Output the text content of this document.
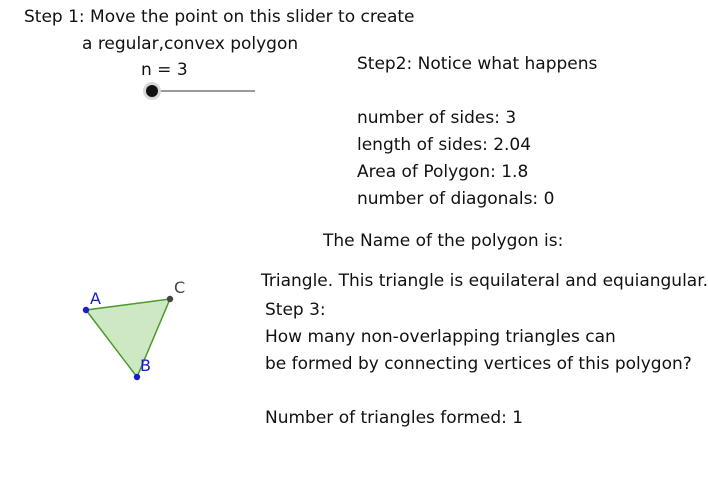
Step 1: Move the point on this slider to create
a regular,convex polygon
n = 3	Step2: Notice what happens
number of sides: 3
length of sides: 2.04
Area of Polygon: 1.8
number of diagonals: 0
The Name of the polygon is:
Triangle. This triangle is equilateral and equiangular.
Step 3:
How many non-overlapping triangles can
be formed by connecting vertices of this polygon?
Number of triangles formed: 1
A
B
C
